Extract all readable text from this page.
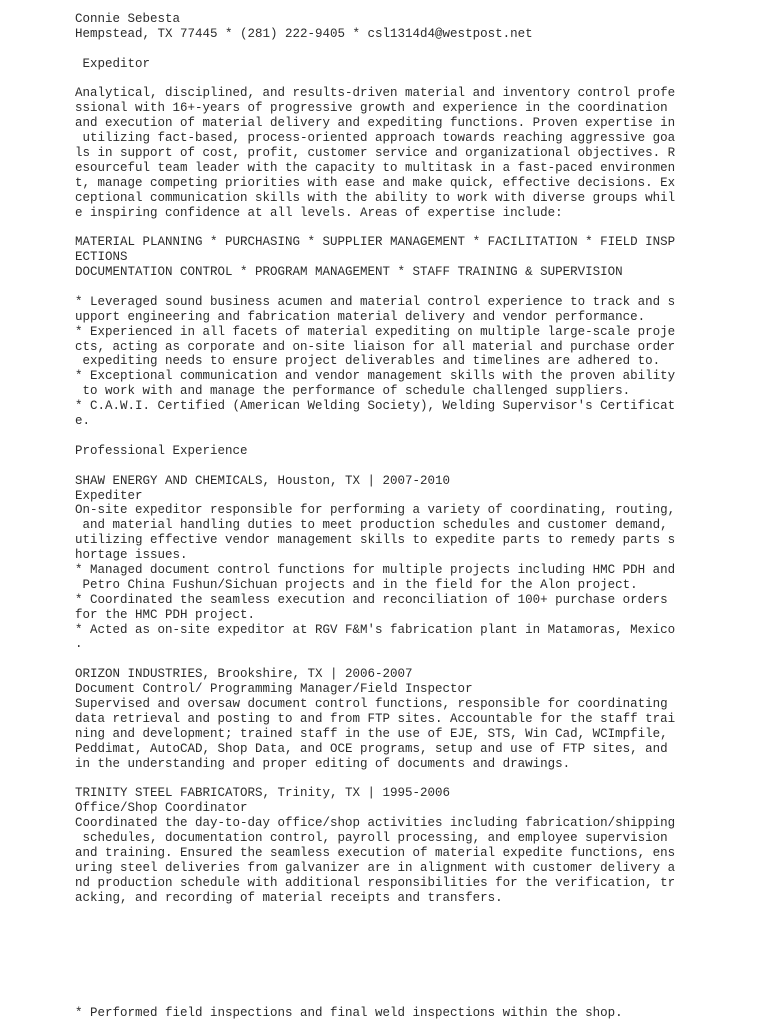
Connie Sebesta
Hempstead, TX 77445 * (281) 222-9405 * csl1314d4@westpost.net
Expeditor
Analytical, disciplined, and results-driven material and inventory control profe
ssional with 16+-years of progressive growth and experience in the coordination
and execution of material delivery and expediting functions. Proven expertise in
utilizing fact-based, process-oriented approach towards reaching aggressive goa
ls in support of cost, profit, customer service and organizational objectives. R
esourceful team leader with the capacity to multitask in a fast-paced environmen
t, manage competing priorities with ease and make quick, effective decisions. Ex
ceptional communication skills with the ability to work with diverse groups whil
e inspiring confidence at all levels. Areas of expertise include:
MATERIAL PLANNING * PURCHASING * SUPPLIER MANAGEMENT * FACILITATION * FIELD INSP
ECTIONS
DOCUMENTATION CONTROL * PROGRAM MANAGEMENT * STAFF TRAINING & SUPERVISION
* Leveraged sound business acumen and material control experience to track and s
upport engineering and fabrication material delivery and vendor performance.
* Experienced in all facets of material expediting on multiple large-scale proje
cts, acting as corporate and on-site liaison for all material and purchase order
expediting needs to ensure project deliverables and timelines are adhered to.
* Exceptional communication and vendor management skills with the proven ability
to work with and manage the performance of schedule challenged suppliers.
* C.A.W.I. Certified (American Welding Society), Welding Supervisor's Certificat
e.
Professional Experience
SHAW ENERGY AND CHEMICALS, Houston, TX | 2007-2010
Expediter
On-site expeditor responsible for performing a variety of coordinating, routing,
and material handling duties to meet production schedules and customer demand,
utilizing effective vendor management skills to expedite parts to remedy parts s
hortage issues.
* Managed document control functions for multiple projects including HMC PDH and
Petro China Fushun/Sichuan projects and in the field for the Alon project.
* Coordinated the seamless execution and reconciliation of 100+ purchase orders
for the HMC PDH project.
* Acted as on-site expeditor at RGV F&M's fabrication plant in Matamoras, Mexico
.
ORIZON INDUSTRIES, Brookshire, TX | 2006-2007
Document Control/ Programming Manager/Field Inspector
Supervised and oversaw document control functions, responsible for coordinating
data retrieval and posting to and from FTP sites. Accountable for the staff trai
ning and development; trained staff in the use of EJE, STS, Win Cad, WCImpfile,
Peddimat, AutoCAD, Shop Data, and OCE programs, setup and use of FTP sites, and
in the understanding and proper editing of documents and drawings.
TRINITY STEEL FABRICATORS, Trinity, TX | 1995-2006
Office/Shop Coordinator
Coordinated the day-to-day office/shop activities including fabrication/shipping
schedules, documentation control, payroll processing, and employee supervision
and training. Ensured the seamless execution of material expedite functions, ens
uring steel deliveries from galvanizer are in alignment with customer delivery a
nd production schedule with additional responsibilities for the verification, tr
acking, and recording of material receipts and transfers.
* Performed field inspections and final weld inspections within the shop.
